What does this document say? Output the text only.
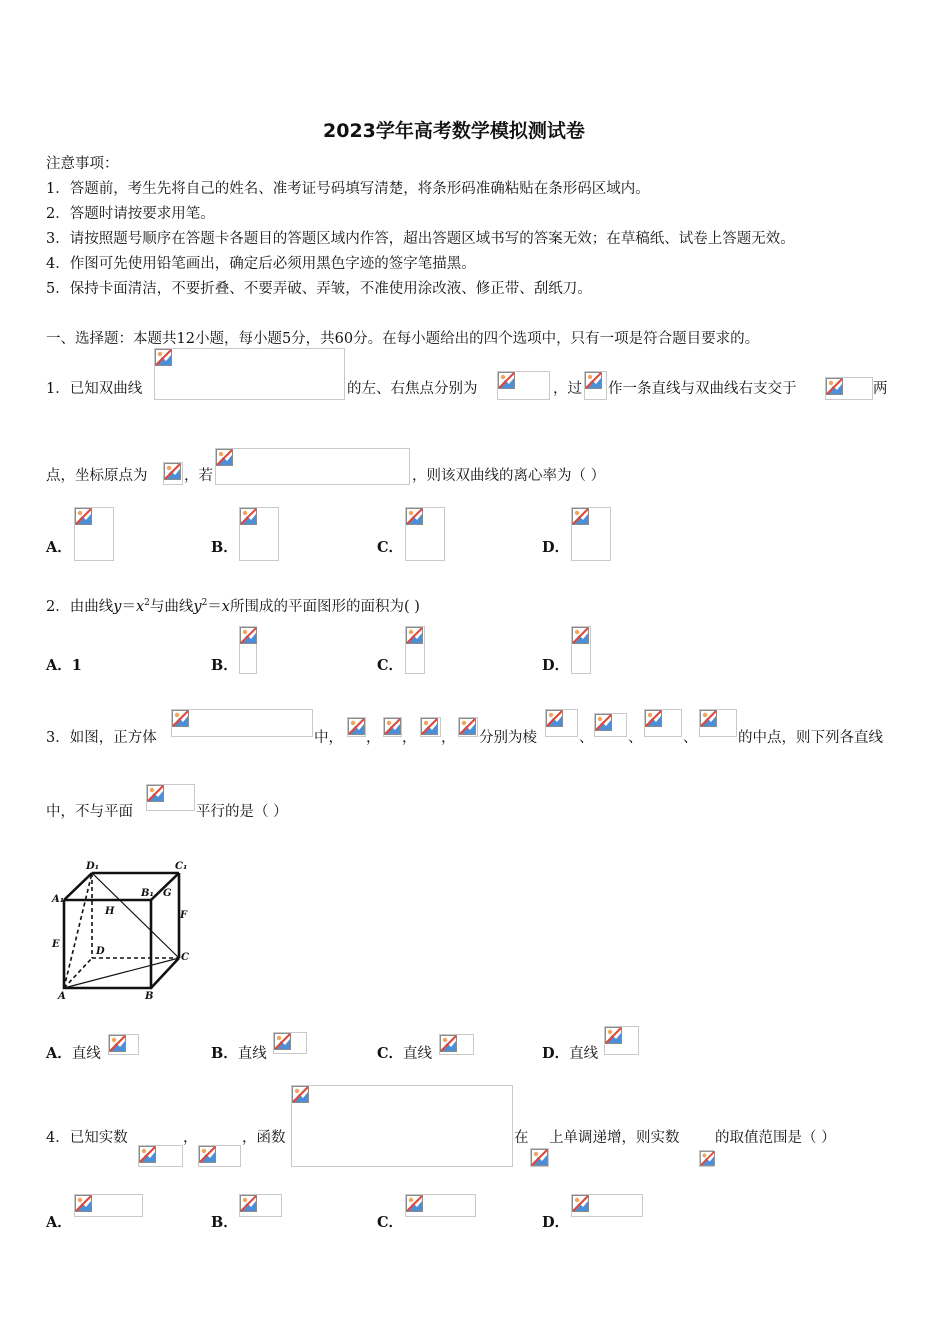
2023学年高考数学模拟测试卷
注意事项：
1．答题前，考生先将自己的姓名、准考证号码填写清楚，将条形码准确粘贴在条形码区域内。
2．答题时请按要求用笔。
3．请按照题号顺序在答题卡各题目的答题区域内作答，超出答题区域书写的答案无效；在草稿纸、试卷上答题无效。
4．作图可先使用铅笔画出，确定后必须用黑色字迹的签字笔描黑。
5．保持卡面清洁，不要折叠、不要弄破、弄皱，不准使用涂改液、修正带、刮纸刀。
一、选择题：本题共12小题，每小题5分，共60分。在每小题给出的四个选项中，只有一项是符合题目要求的。
1．已知双曲线	的左、右焦点分别为	，过 作一条直线与双曲线右支交于	两
点，坐标原点为	，若	，则该双曲线的离心率为（ ）
A．	B．	C．	D．
2．由曲线$y=x^2$与曲线$y^2=x$所围成的平面图形的面积为( )
A．1	B．	C．	D．
3．如图，正方体	中， ， ， ， 分别为棱	、 、	、	的中点，则下列各直线
中，不与平面	平行的是（ ）
D₁	C₁
A₁
B₁ G
H	F
E
D
C
A	B
A．直线	B．直线	C．直线	D．直线
4．已知实数	，	，函数	在 上单调递增，则实数 的取值范围是（ ）
A．	B．	C．	D．
